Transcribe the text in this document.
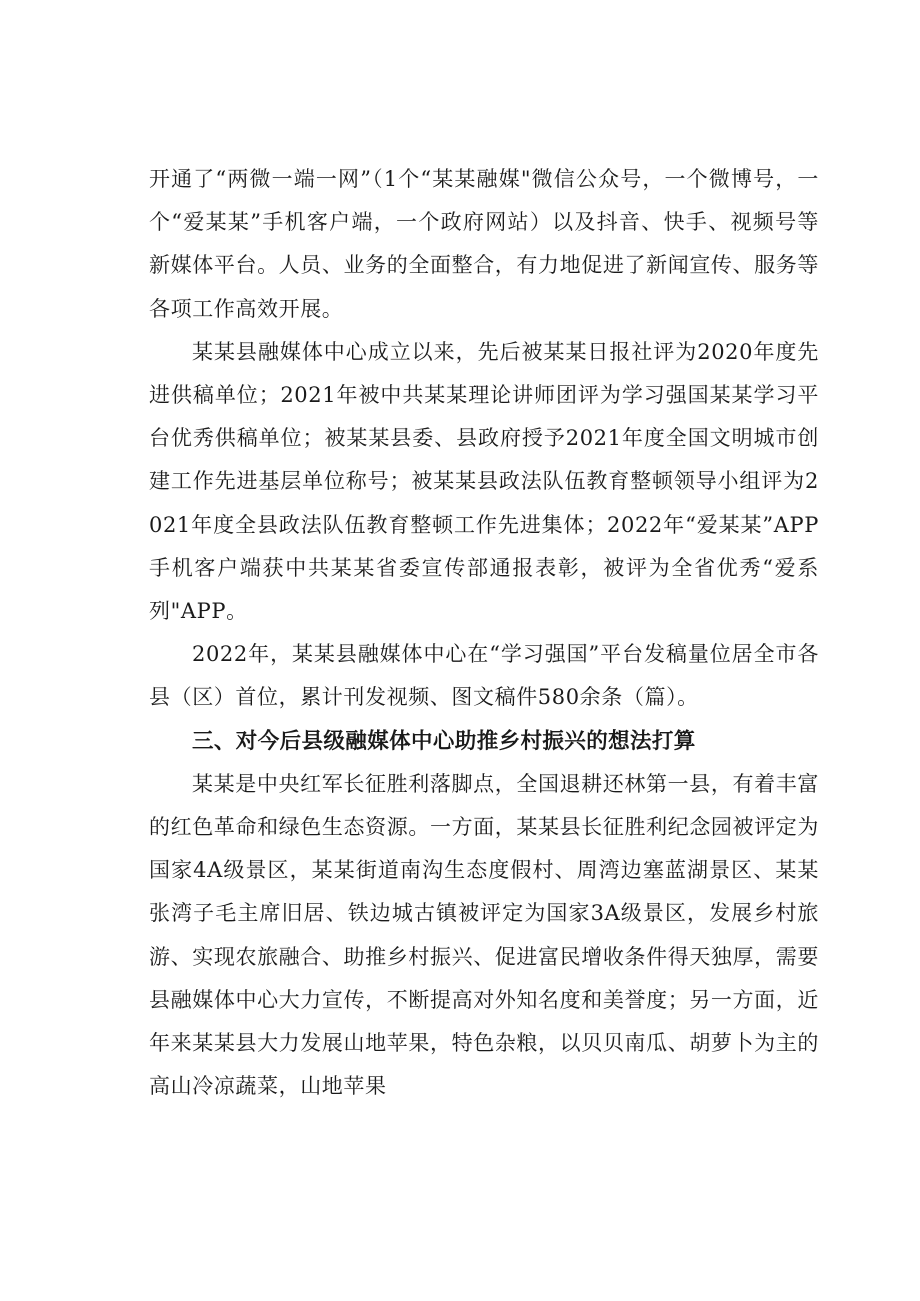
开通了“两微一端一网”（1个“某某融媒"微信公众号，一个微博号，一个“爱某某”手机客户端，一个政府网站）以及抖音、快手、视频号等新媒体平台。人员、业务的全面整合，有力地促进了新闻宣传、服务等各项工作高效开展。

某某县融媒体中心成立以来，先后被某某日报社评为2020年度先进供稿单位；2021年被中共某某理论讲师团评为学习强国某某学习平台优秀供稿单位；被某某县委、县政府授予2021年度全国文明城市创建工作先进基层单位称号；被某某县政法队伍教育整顿领导小组评为2021年度全县政法队伍教育整顿工作先进集体；2022年“爱某某”APP手机客户端获中共某某省委宣传部通报表彰，被评为全省优秀“爱系列"APP。

2022年，某某县融媒体中心在“学习强国”平台发稿量位居全市各县（区）首位，累计刊发视频、图文稿件580余条（篇）。

三、对今后县级融媒体中心助推乡村振兴的想法打算

某某是中央红军长征胜利落脚点，全国退耕还林第一县，有着丰富的红色革命和绿色生态资源。一方面，某某县长征胜利纪念园被评定为国家4A级景区，某某街道南沟生态度假村、周湾边塞蓝湖景区、某某张湾子毛主席旧居、铁边城古镇被评定为国家3A级景区，发展乡村旅游、实现农旅融合、助推乡村振兴、促进富民增收条件得天独厚，需要县融媒体中心大力宣传，不断提高对外知名度和美誉度；另一方面，近年来某某县大力发展山地苹果，特色杂粮，以贝贝南瓜、胡萝卜为主的高山冷凉蔬菜，山地苹果
